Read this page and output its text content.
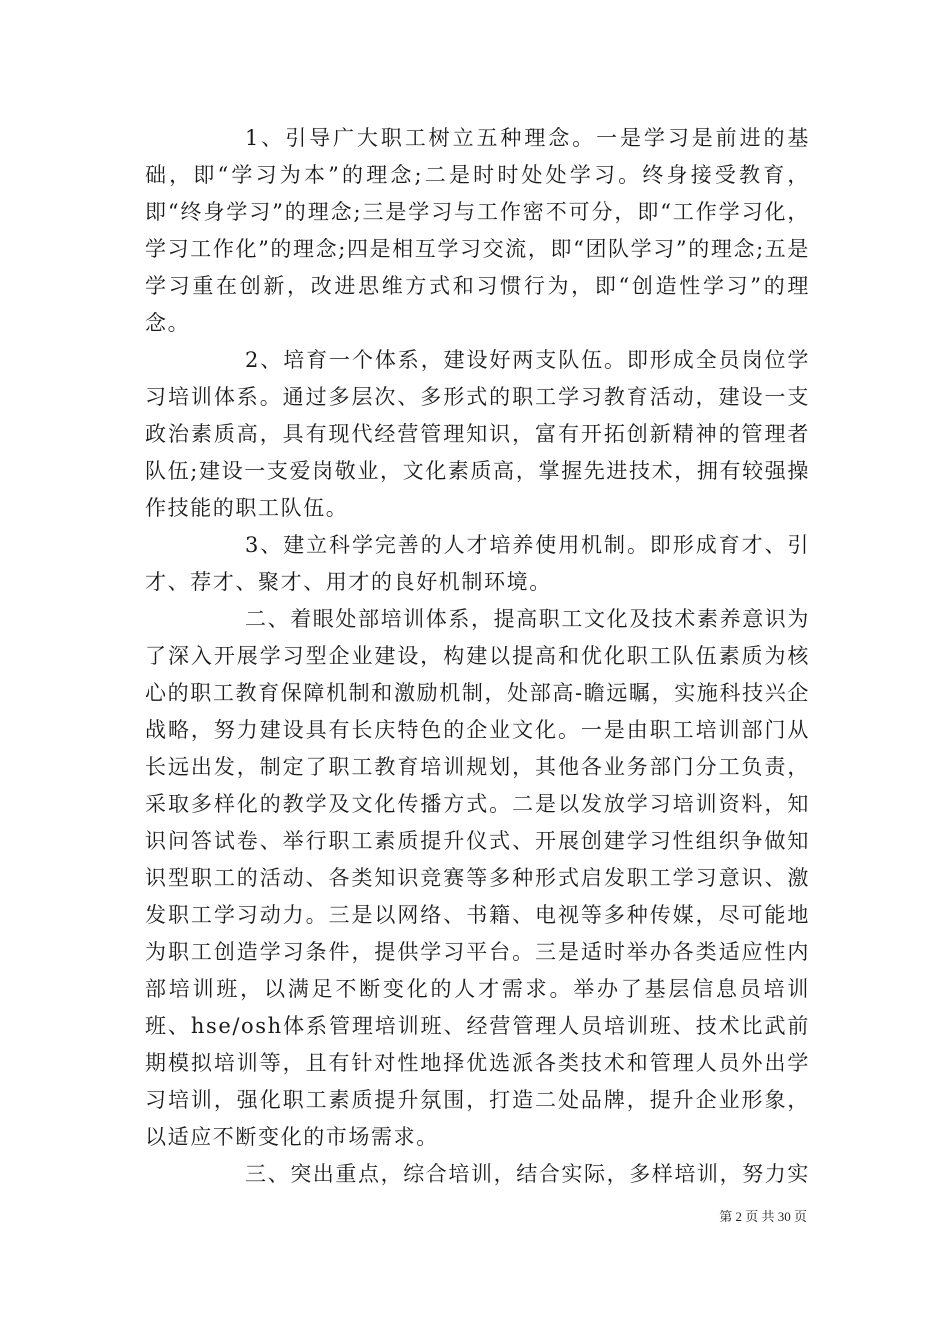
1、引导广大职工树立五种理念。一是学习是前进的基础，即“学习为本”的理念;二是时时处处学习。终身接受教育，即“终身学习”的理念;三是学习与工作密不可分，即“工作学习化，学习工作化”的理念;四是相互学习交流，即“团队学习”的理念;五是学习重在创新，改进思维方式和习惯行为，即“创造性学习”的理念。

2、培育一个体系，建设好两支队伍。即形成全员岗位学习培训体系。通过多层次、多形式的职工学习教育活动，建设一支政治素质高，具有现代经营管理知识，富有开拓创新精神的管理者队伍;建设一支爱岗敬业，文化素质高，掌握先进技术，拥有较强操作技能的职工队伍。

3、建立科学完善的人才培养使用机制。即形成育才、引才、荐才、聚才、用才的良好机制环境。

二、着眼处部培训体系，提高职工文化及技术素养意识为了深入开展学习型企业建设，构建以提高和优化职工队伍素质为核心的职工教育保障机制和激励机制，处部高-瞻远瞩，实施科技兴企战略，努力建设具有长庆特色的企业文化。一是由职工培训部门从长远出发，制定了职工教育培训规划，其他各业务部门分工负责，采取多样化的教学及文化传播方式。二是以发放学习培训资料，知识问答试卷、举行职工素质提升仪式、开展创建学习性组织争做知识型职工的活动、各类知识竞赛等多种形式启发职工学习意识、激发职工学习动力。三是以网络、书籍、电视等多种传媒，尽可能地为职工创造学习条件，提供学习平台。三是适时举办各类适应性内部培训班，以满足不断变化的人才需求。举办了基层信息员培训班、hse/osh体系管理培训班、经营管理人员培训班、技术比武前期模拟培训等，且有针对性地择优选派各类技术和管理人员外出学习培训，强化职工素质提升氛围，打造二处品牌，提升企业形象，以适应不断变化的市场需求。

三、突出重点，综合培训，结合实际，多样培训，努力实

第 2 页 共 30 页
